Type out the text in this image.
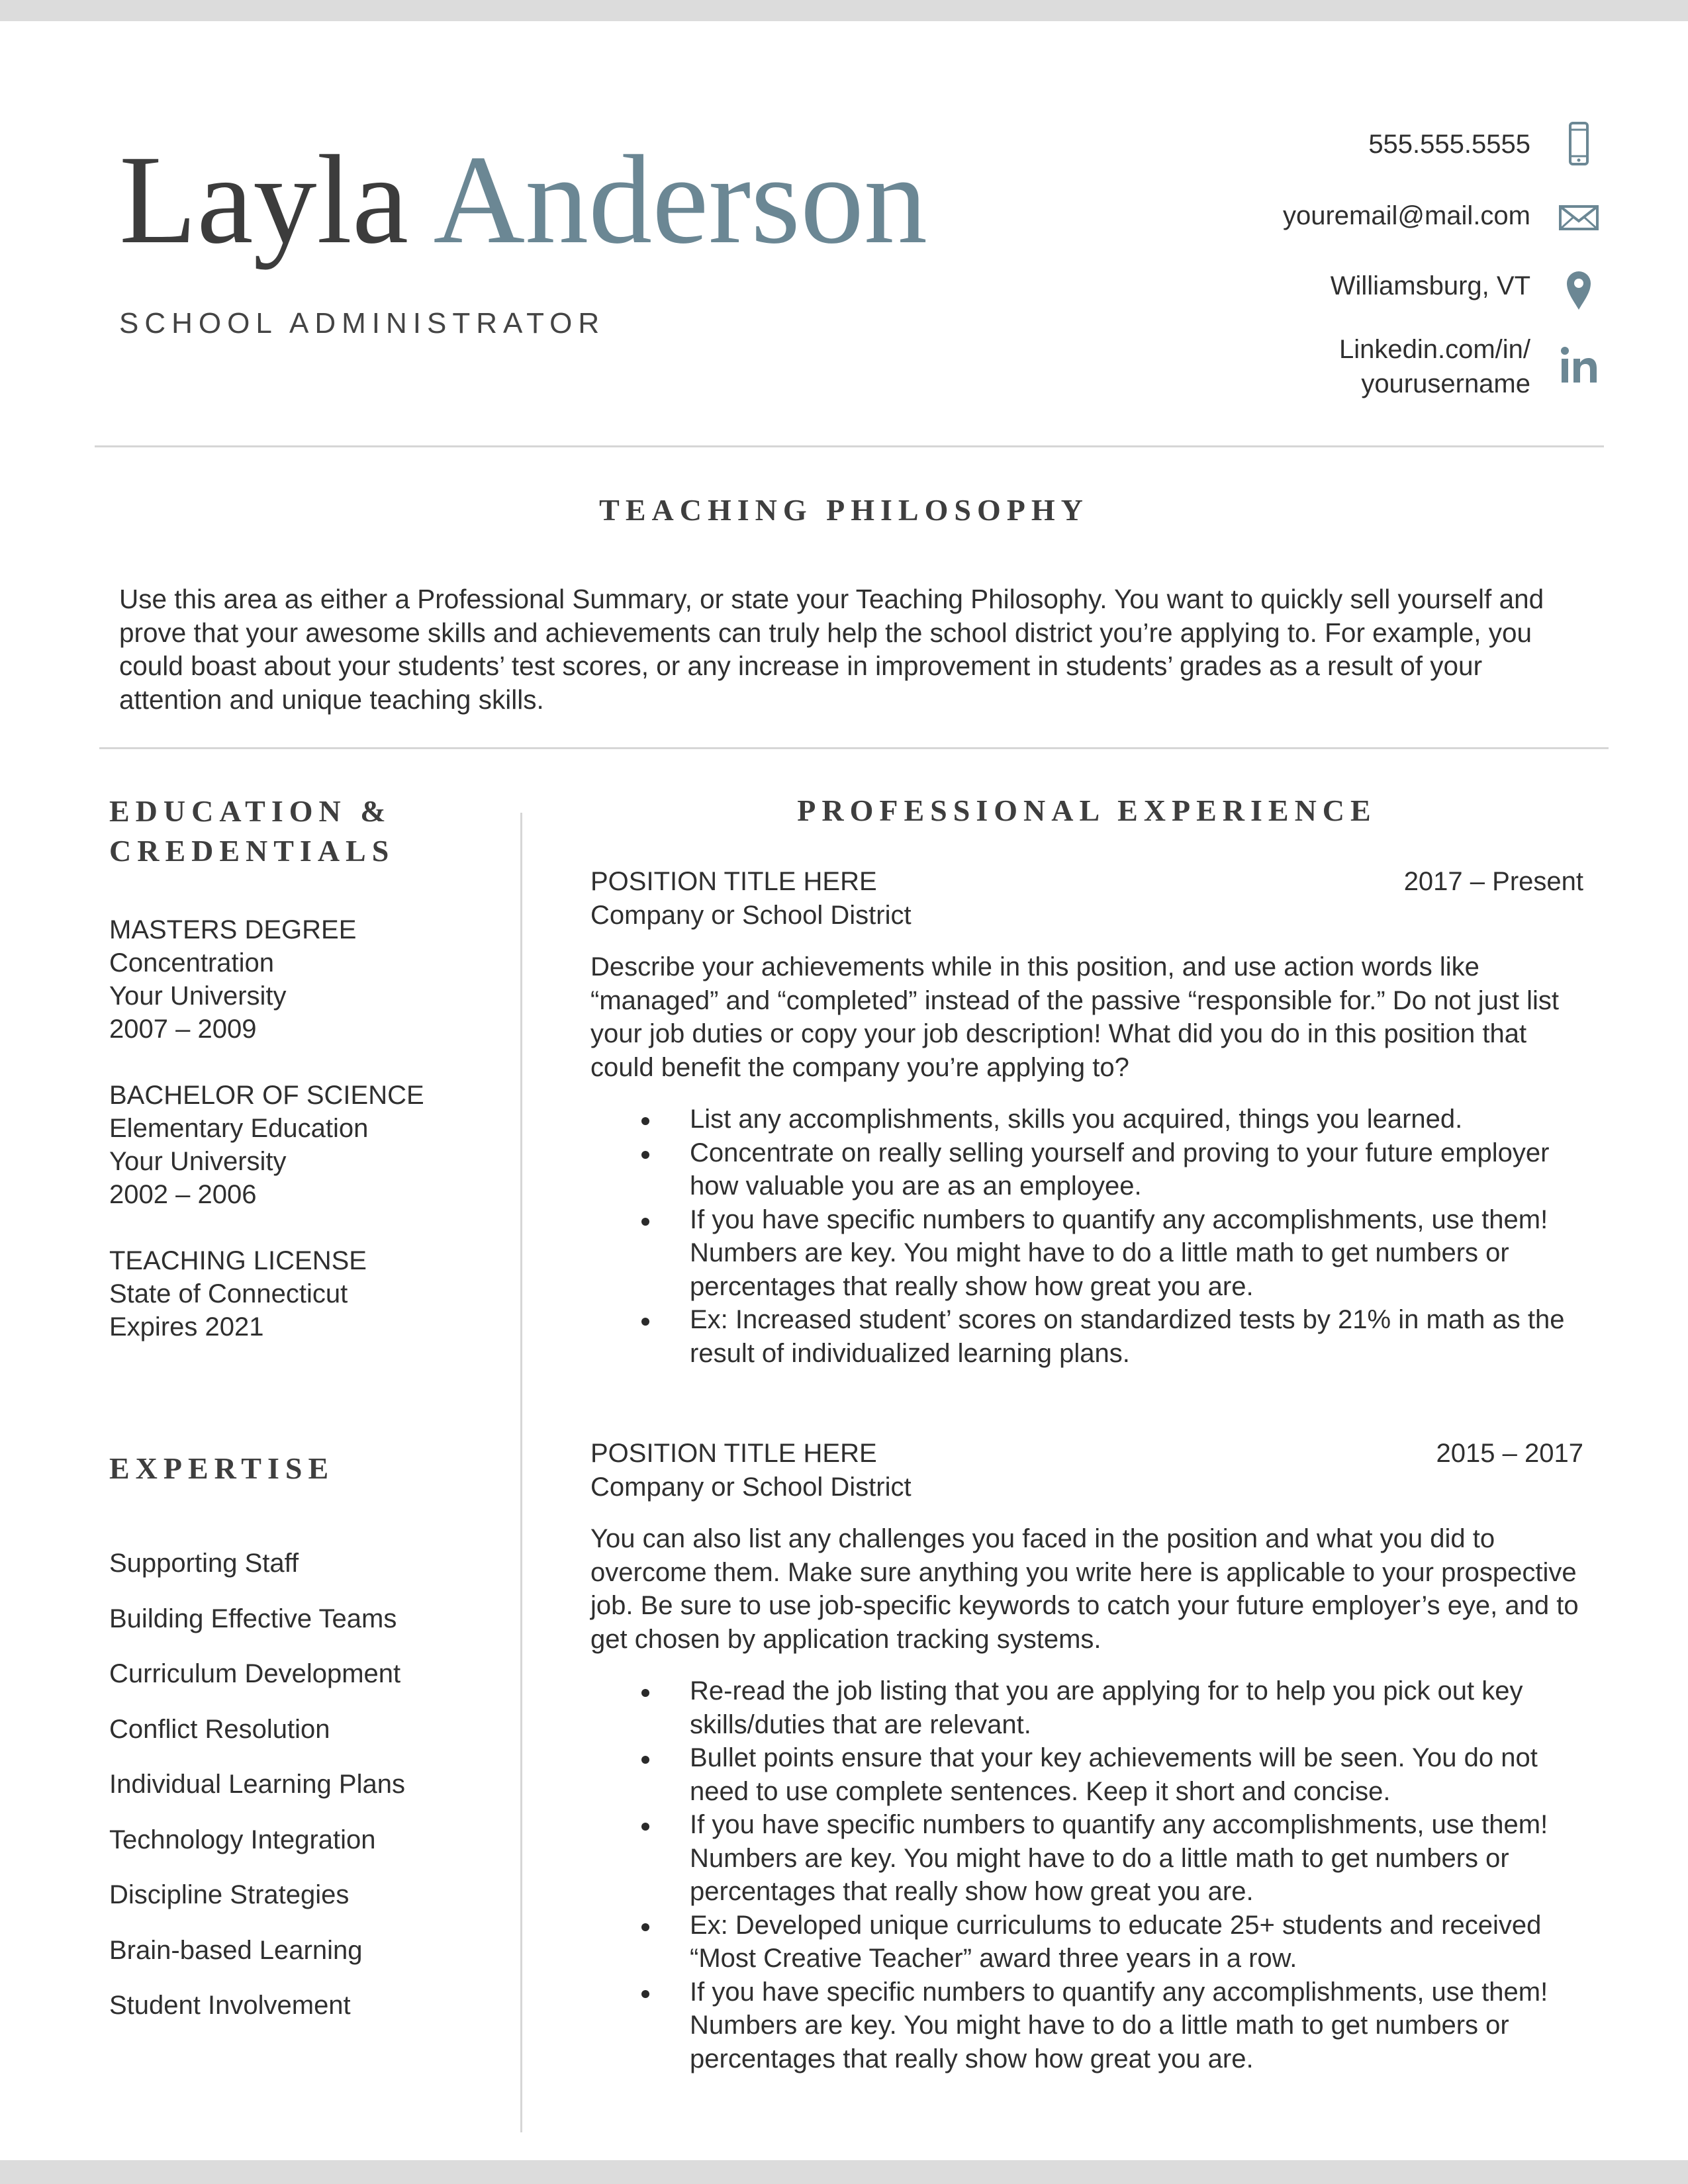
Layla Anderson
SCHOOL ADMINISTRATOR
555.555.5555
youremail@mail.com
Williamsburg, VT
Linkedin.com/in/
yourusername
TEACHING PHILOSOPHY
Use this area as either a Professional Summary, or state your Teaching Philosophy. You want to quickly sell yourself and prove that your awesome skills and achievements can truly help the school district you’re applying to. For example, you could boast about your students’ test scores, or any increase in improvement in students’ grades as a result of your attention and unique teaching skills.
EDUCATION &
CREDENTIALS
MASTERS DEGREE
Concentration
Your University
2007 – 2009
BACHELOR OF SCIENCE
Elementary Education
Your University
2002 – 2006
TEACHING LICENSE
State of Connecticut
Expires 2021
EXPERTISE
Supporting Staff
Building Effective Teams
Curriculum Development
Conflict Resolution
Individual Learning Plans
Technology Integration
Discipline Strategies
Brain-based Learning
Student Involvement
PROFESSIONAL EXPERIENCE
POSITION TITLE HERE	2017 – Present
Company or School District
Describe your achievements while in this position, and use action words like “managed” and “completed” instead of the passive “responsible for.” Do not just list your job duties or copy your job description! What did you do in this position that could benefit the company you’re applying to?
List any accomplishments, skills you acquired, things you learned.
Concentrate on really selling yourself and proving to your future employer how valuable you are as an employee.
If you have specific numbers to quantify any accomplishments, use them! Numbers are key. You might have to do a little math to get numbers or percentages that really show how great you are.
Ex: Increased student’ scores on standardized tests by 21% in math as the result of individualized learning plans.
POSITION TITLE HERE	2015 – 2017
Company or School District
You can also list any challenges you faced in the position and what you did to overcome them. Make sure anything you write here is applicable to your prospective job. Be sure to use job-specific keywords to catch your future employer’s eye, and to get chosen by application tracking systems.
Re-read the job listing that you are applying for to help you pick out key skills/duties that are relevant.
Bullet points ensure that your key achievements will be seen. You do not need to use complete sentences. Keep it short and concise.
If you have specific numbers to quantify any accomplishments, use them! Numbers are key. You might have to do a little math to get numbers or percentages that really show how great you are.
Ex: Developed unique curriculums to educate 25+ students and received “Most Creative Teacher” award three years in a row.
If you have specific numbers to quantify any accomplishments, use them! Numbers are key. You might have to do a little math to get numbers or percentages that really show how great you are.
